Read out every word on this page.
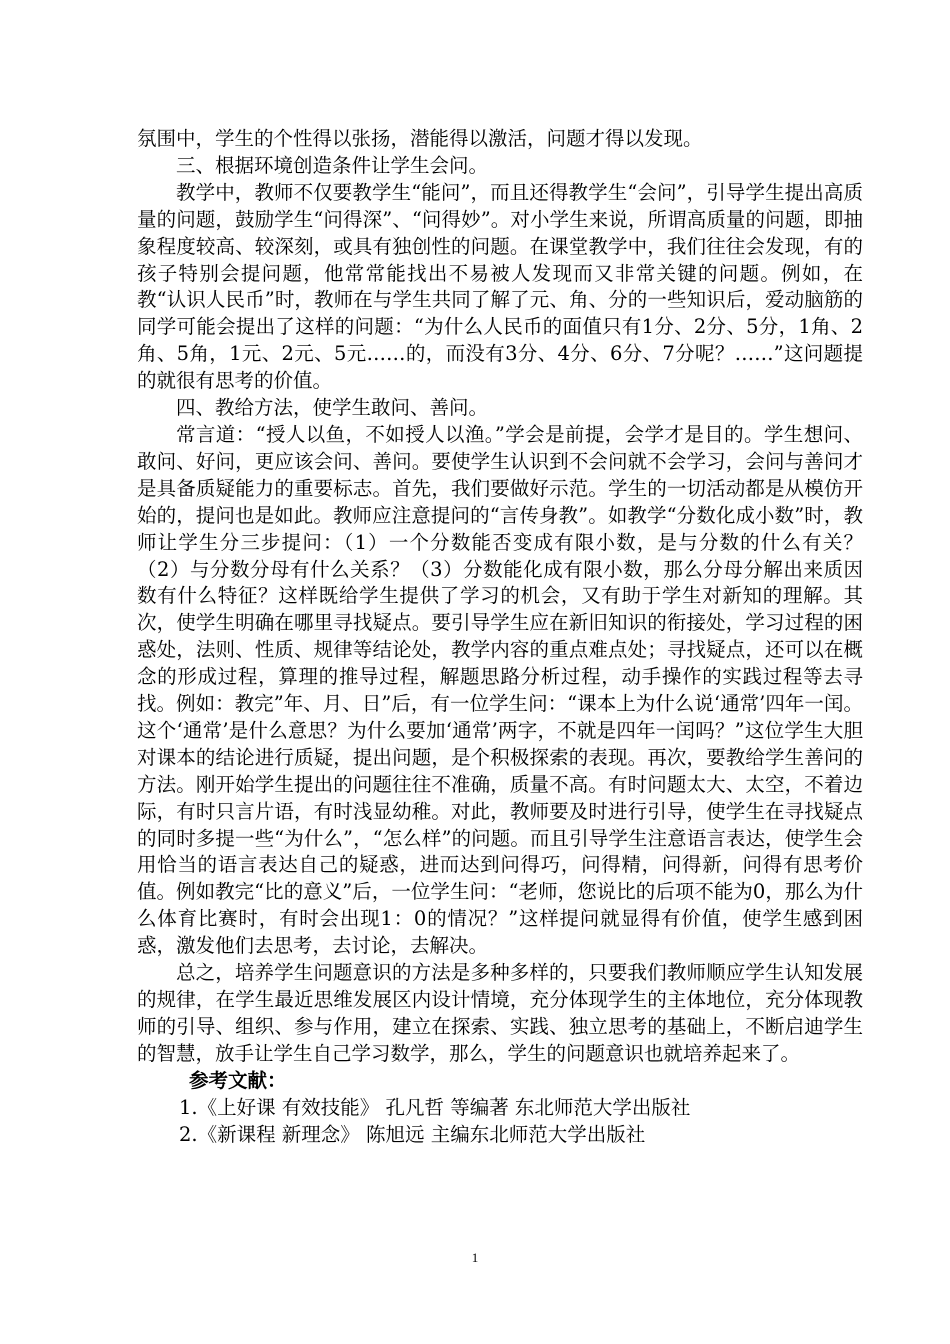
氛围中，学生的个性得以张扬，潜能得以激活，问题才得以发现。

三、根据环境创造条件让学生会问。

教学中，教师不仅要教学生“能问”，而且还得教学生“会问”，引导学生提出高质量的问题，鼓励学生“问得深”、“问得妙”。对小学生来说，所谓高质量的问题，即抽象程度较高、较深刻，或具有独创性的问题。在课堂教学中，我们往往会发现，有的孩子特别会提问题，他常常能找出不易被人发现而又非常关键的问题。例如，在教“认识人民币”时，教师在与学生共同了解了元、角、分的一些知识后，爱动脑筋的同学可能会提出了这样的问题：“为什么人民币的面值只有1分、2分、5分，1角、2角、5角，1元、2元、5元……的，而没有3分、4分、6分、7分呢？……”这问题提的就很有思考的价值。

四、教给方法，使学生敢问、善问。

常言道：“授人以鱼，不如授人以渔。”学会是前提，会学才是目的。学生想问、敢问、好问，更应该会问、善问。要使学生认识到不会问就不会学习，会问与善问才是具备质疑能力的重要标志。首先，我们要做好示范。学生的一切活动都是从模仿开始的，提问也是如此。教师应注意提问的“言传身教”。如教学“分数化成小数”时，教师让学生分三步提问：（1）一个分数能否变成有限小数，是与分数的什么有关？（2）与分数分母有什么关系？（3）分数能化成有限小数，那么分母分解出来质因数有什么特征？这样既给学生提供了学习的机会，又有助于学生对新知的理解。其次，使学生明确在哪里寻找疑点。要引导学生应在新旧知识的衔接处，学习过程的困惑处，法则、性质、规律等结论处，教学内容的重点难点处；寻找疑点，还可以在概念的形成过程，算理的推导过程，解题思路分析过程，动手操作的实践过程等去寻找。例如：教完”年、月、日”后，有一位学生问：“课本上为什么说‘通常’四年一闰。这个‘通常’是什么意思？为什么要加‘通常’两字，不就是四年一闰吗？”这位学生大胆对课本的结论进行质疑，提出问题，是个积极探索的表现。再次，要教给学生善问的方法。刚开始学生提出的问题往往不准确，质量不高。有时问题太大、太空，不着边际，有时只言片语，有时浅显幼稚。对此，教师要及时进行引导，使学生在寻找疑点的同时多提一些“为什么”，“怎么样”的问题。而且引导学生注意语言表达，使学生会用恰当的语言表达自己的疑惑，进而达到问得巧，问得精，问得新，问得有思考价值。例如教完“比的意义”后，一位学生问：“老师，您说比的后项不能为0，那么为什么体育比赛时，有时会出现1：0的情况？”这样提问就显得有价值，使学生感到困惑，激发他们去思考，去讨论，去解决。

总之，培养学生问题意识的方法是多种多样的，只要我们教师顺应学生认知发展的规律，在学生最近思维发展区内设计情境，充分体现学生的主体地位，充分体现教师的引导、组织、参与作用，建立在探索、实践、独立思考的基础上，不断启迪学生的智慧，放手让学生自己学习数学，那么，学生的问题意识也就培养起来了。

参考文献：

1.《上好课 有效技能》 孔凡哲 等编著 东北师范大学出版社

2.《新课程 新理念》 陈旭远 主编东北师范大学出版社

1
